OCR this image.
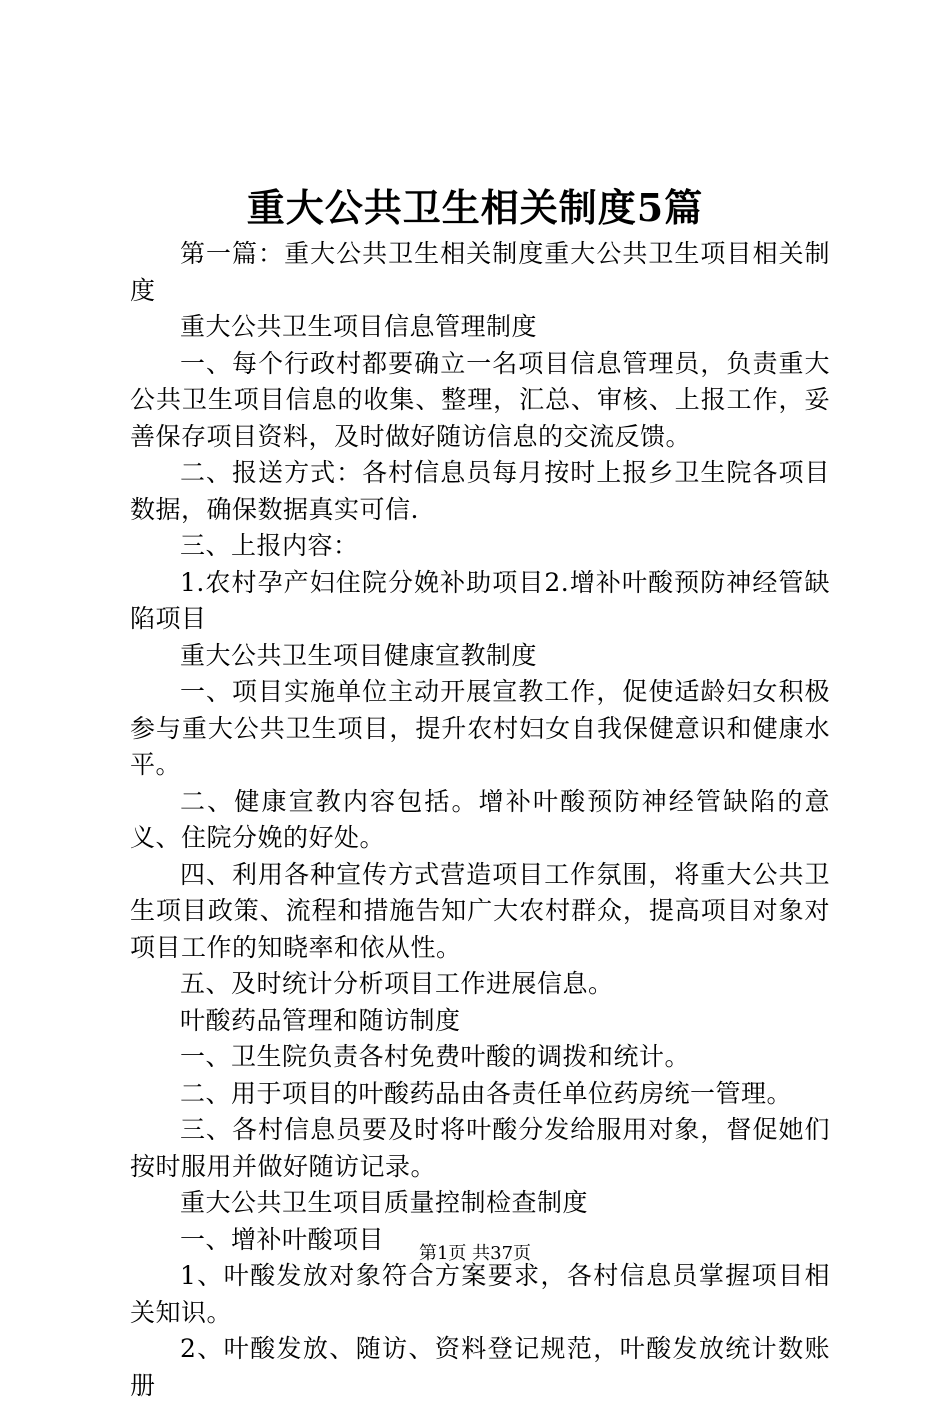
重大公共卫生相关制度5篇

第一篇：重大公共卫生相关制度重大公共卫生项目相关制度

重大公共卫生项目信息管理制度

一、每个行政村都要确立一名项目信息管理员，负责重大公共卫生项目信息的收集、整理，汇总、审核、上报工作，妥善保存项目资料，及时做好随访信息的交流反馈。

二、报送方式：各村信息员每月按时上报乡卫生院各项目数据，确保数据真实可信.

三、上报内容：

1.农村孕产妇住院分娩补助项目2.增补叶酸预防神经管缺陷项目

重大公共卫生项目健康宣教制度

一、项目实施单位主动开展宣教工作，促使适龄妇女积极参与重大公共卫生项目，提升农村妇女自我保健意识和健康水平。

二、健康宣教内容包括。增补叶酸预防神经管缺陷的意义、住院分娩的好处。

四、利用各种宣传方式营造项目工作氛围，将重大公共卫生项目政策、流程和措施告知广大农村群众，提高项目对象对项目工作的知晓率和依从性。

五、及时统计分析项目工作进展信息。

叶酸药品管理和随访制度

一、卫生院负责各村免费叶酸的调拨和统计。

二、用于项目的叶酸药品由各责任单位药房统一管理。

三、各村信息员要及时将叶酸分发给服用对象，督促她们按时服用并做好随访记录。

重大公共卫生项目质量控制检查制度

一、增补叶酸项目

1、叶酸发放对象符合方案要求，各村信息员掌握项目相关知识。

2、叶酸发放、随访、资料登记规范，叶酸发放统计数账册

第1页 共37页
